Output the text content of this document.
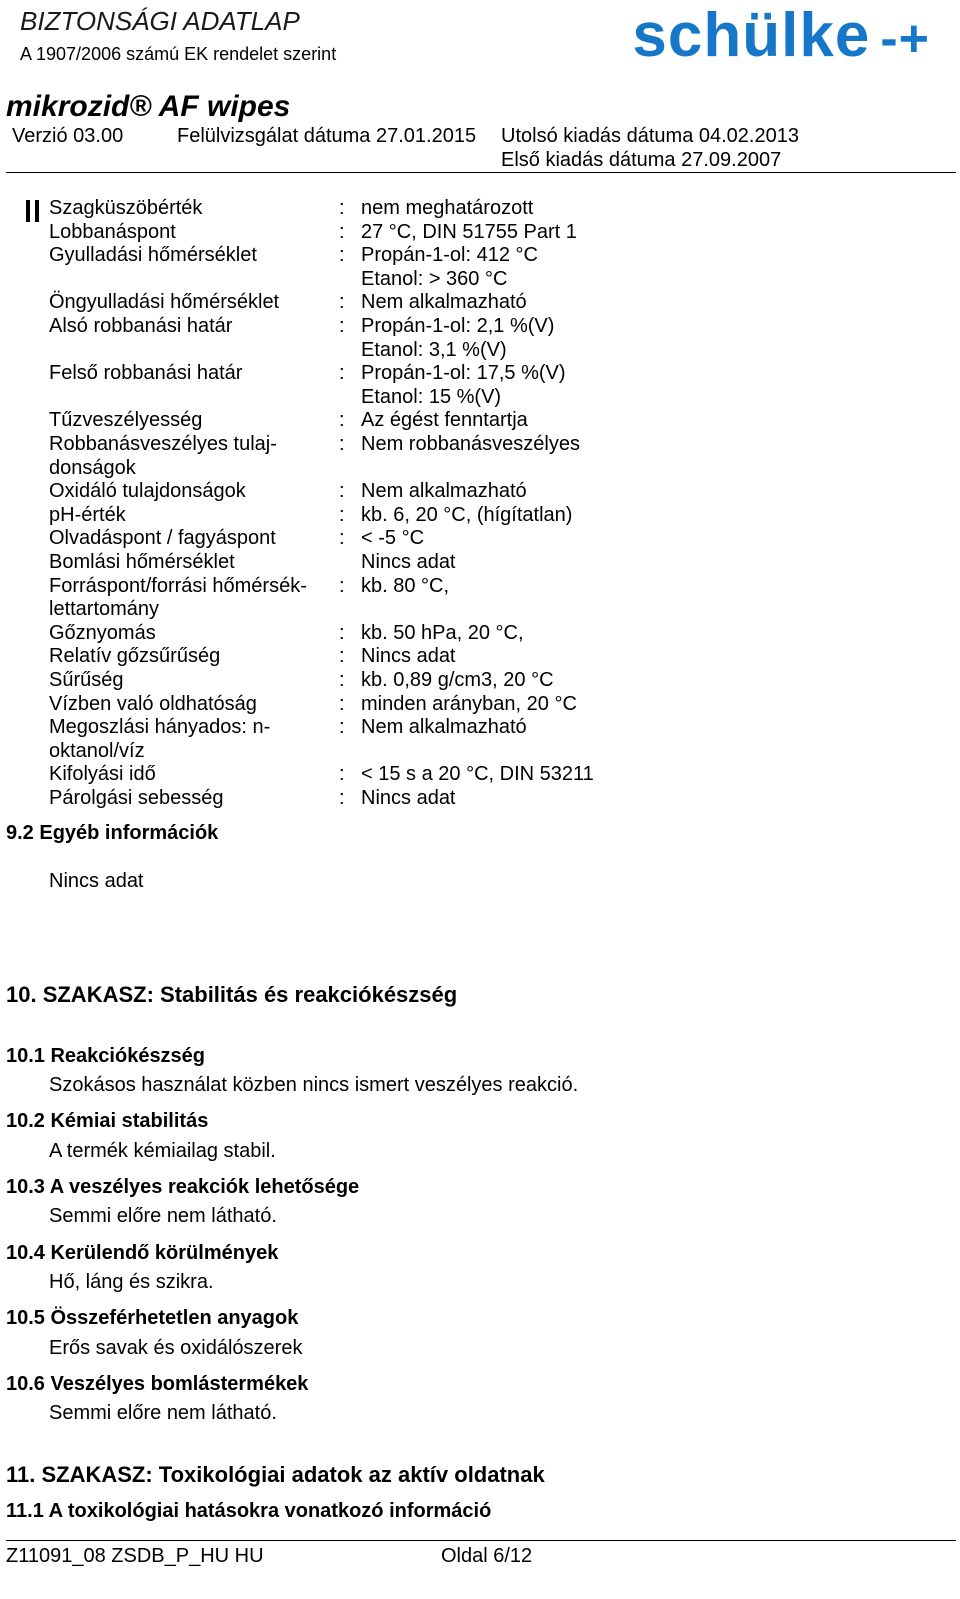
BIZTONSÁGI ADATLAP
A 1907/2006 számú EK rendelet szerint	schülke -+
mikrozid® AF wipes
Verzió 03.00	Felülvizsgálat dátuma 27.01.2015 Utolsó kiadás dátuma 04.02.2013
Első kiadás dátuma 27.09.2007
Szagküszöbérték	: nem meghatározott
Lobbanáspont	: 27 °C, DIN 51755 Part 1
Gyulladási hőmérséklet	: Propán-1-ol: 412 °C
Etanol: > 360 °C
Öngyulladási hőmérséklet	: Nem alkalmazható
Alsó robbanási határ	: Propán-1-ol: 2,1 %(V)
Etanol: 3,1 %(V)
Felső robbanási határ	: Propán-1-ol: 17,5 %(V)
Etanol: 15 %(V)
Tűzveszélyesség	: Az égést fenntartja
Robbanásveszélyes tulaj-	: Nem robbanásveszélyes
donságok
Oxidáló tulajdonságok	: Nem alkalmazható
pH-érték	: kb. 6, 20 °C, (hígítatlan)
Olvadáspont / fagyáspont	: < -5 °C
Bomlási hőmérséklet	Nincs adat
Forráspont/forrási hőmérsék- : kb. 80 °C,
lettartomány
Gőznyomás	: kb. 50 hPa, 20 °C,
Relatív gőzsűrűség	: Nincs adat
Sűrűség	: kb. 0,89 g/cm3, 20 °C
Vízben való oldhatóság	: minden arányban, 20 °C
Megoszlási hányados: n-	: Nem alkalmazható
oktanol/víz
Kifolyási idő	: < 15 s a 20 °C, DIN 53211
Párolgási sebesség	: Nincs adat
9.2 Egyéb információk
Nincs adat
10. SZAKASZ: Stabilitás és reakciókészség
10.1 Reakciókészség
Szokásos használat közben nincs ismert veszélyes reakció.
10.2 Kémiai stabilitás
A termék kémiailag stabil.
10.3 A veszélyes reakciók lehetősége
Semmi előre nem látható.
10.4 Kerülendő körülmények
Hő, láng és szikra.
10.5 Összeférhetetlen anyagok
Erős savak és oxidálószerek
10.6 Veszélyes bomlástermékek
Semmi előre nem látható.
11. SZAKASZ: Toxikológiai adatok az aktív oldatnak
11.1 A toxikológiai hatásokra vonatkozó információ
Z11091_08 ZSDB_P_HU HU	Oldal 6/12
